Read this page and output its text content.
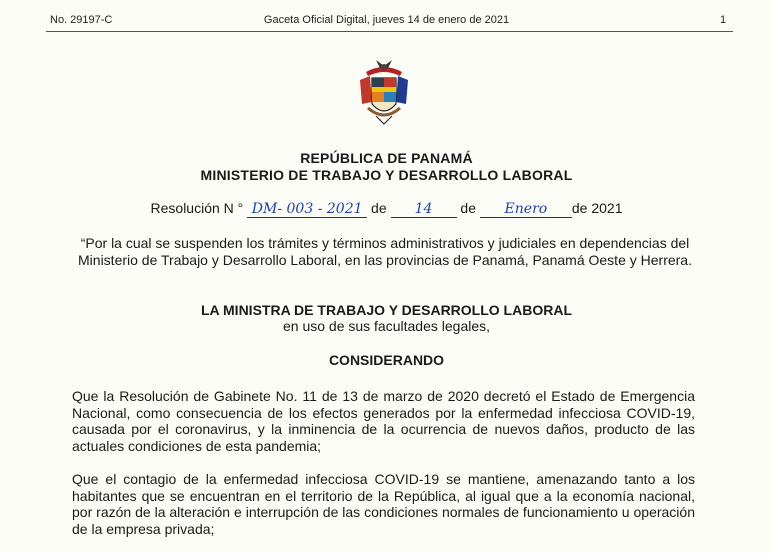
No. 29197-C	Gaceta Oficial Digital, jueves 14 de enero de 2021	1
REPÚBLICA DE PANAMÁ
MINISTERIO DE TRABAJO Y DESARROLLO LABORAL
Resolución N ° DM- 003 - 2021 de 14 de Enero de 2021
“Por la cual se suspenden los trámites y términos administrativos y judiciales en dependencias del Ministerio de Trabajo y Desarrollo Laboral, en las provincias de Panamá, Panamá Oeste y Herrera.
LA MINISTRA DE TRABAJO Y DESARROLLO LABORAL
en uso de sus facultades legales,
CONSIDERANDO
Que la Resolución de Gabinete No. 11 de 13 de marzo de 2020 decretó el Estado de Emergencia Nacional, como consecuencia de los efectos generados por la enfermedad infecciosa COVID-19, causada por el coronavirus, y la inminencia de la ocurrencia de nuevos daños, producto de las actuales condiciones de esta pandemia;
Que el contagio de la enfermedad infecciosa COVID-19 se mantiene, amenazando tanto a los habitantes que se encuentran en el territorio de la República, al igual que a la economía nacional, por razón de la alteración e interrupción de las condiciones normales de funcionamiento u operación de la empresa privada;
